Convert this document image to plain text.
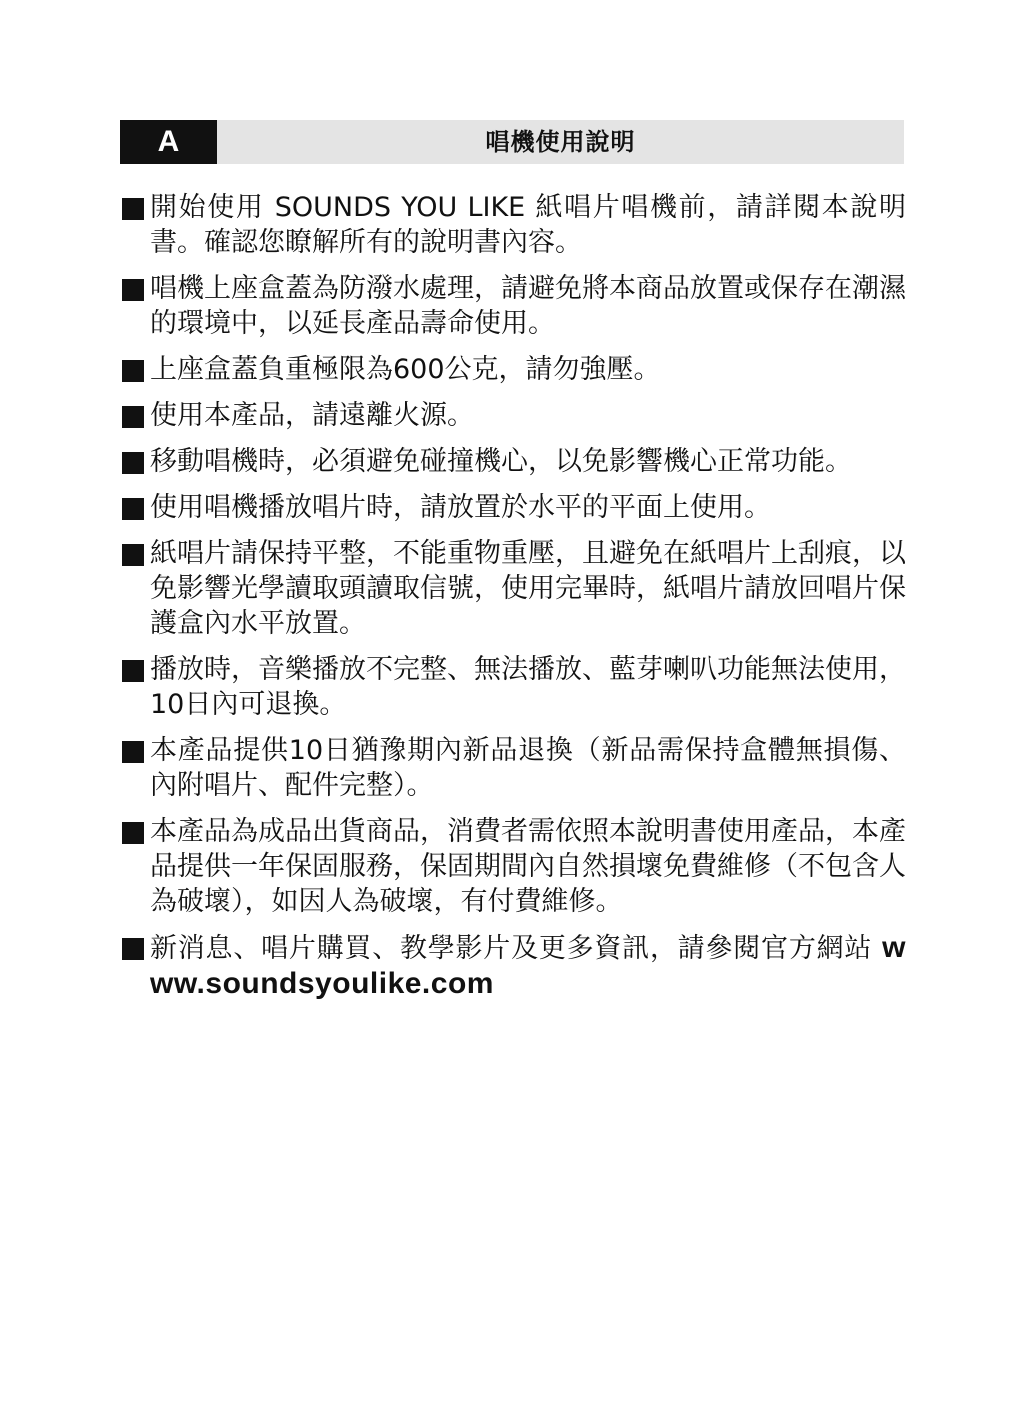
A	唱機使用說明
開始使用 SOUNDS YOU LIKE 紙唱片唱機前，請詳閱本說明書。確認您瞭解所有的說明書內容。
唱機上座盒蓋為防潑水處理，請避免將本商品放置或保存在潮濕的環境中，以延長產品壽命使用。
上座盒蓋負重極限為600公克，請勿強壓。
使用本產品，請遠離火源。
移動唱機時，必須避免碰撞機心，以免影響機心正常功能。
使用唱機播放唱片時，請放置於水平的平面上使用。
紙唱片請保持平整，不能重物重壓，且避免在紙唱片上刮痕，以免影響光學讀取頭讀取信號，使用完畢時，紙唱片請放回唱片保護盒內水平放置。
播放時，音樂播放不完整、無法播放、藍芽喇叭功能無法使用，10日內可退換。
本產品提供10日猶豫期內新品退換（新品需保持盒體無損傷、內附唱片、配件完整）。
本產品為成品出貨商品，消費者需依照本說明書使用產品，本產品提供一年保固服務，保固期間內自然損壞免費維修（不包含人為破壞），如因人為破壞，有付費維修。
新消息、唱片購買、教學影片及更多資訊，請參閱官方網站 www.soundsyoulike.com
